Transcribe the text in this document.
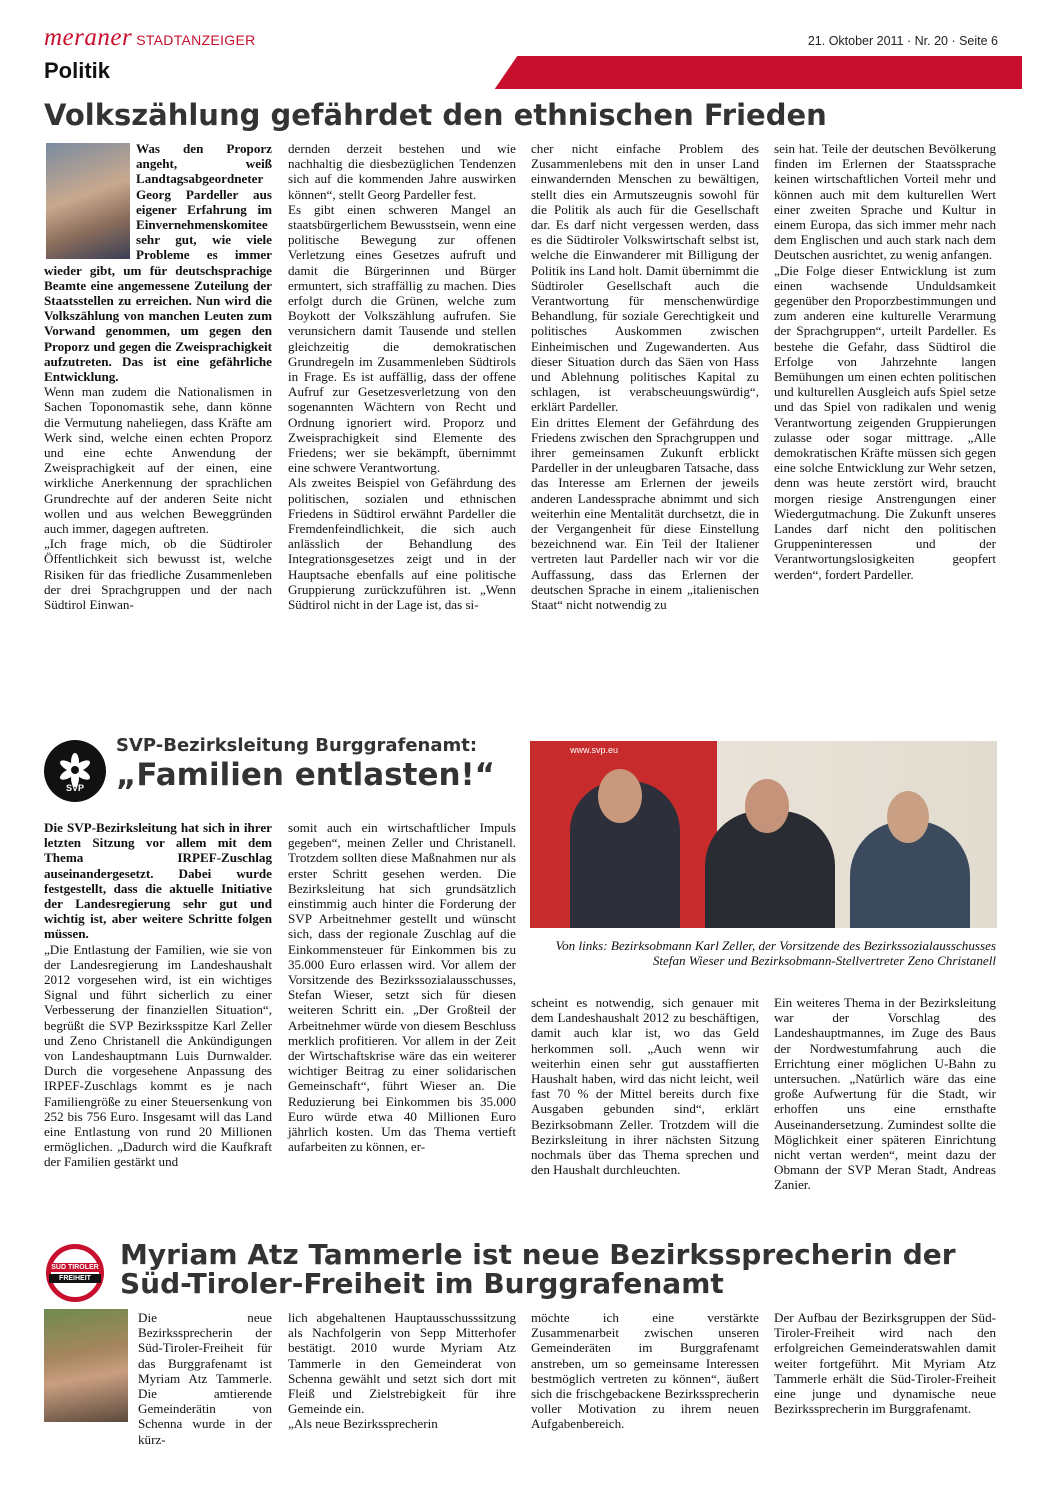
meraner STADTANZEIGER	21. Oktober 2011 · Nr. 20 · Seite 6
Politik
Volkszählung gefährdet den ethnischen Frieden

Was den Proporz angeht, weiß Landtagsabgeordneter Georg Pardeller aus eigener Erfahrung im Einvernehmenskomitee sehr gut, wie viele Probleme es immer wieder gibt, um für deutschsprachige Beamte eine angemessene Zuteilung der Staatsstellen zu erreichen. Nun wird die Volkszählung von manchen Leuten zum Vorwand genommen, um gegen den Proporz und gegen die Zweisprachigkeit aufzutreten. Das ist eine gefährliche Entwicklung.

Wenn man zudem die Nationalismen in Sachen Toponomastik sehe, dann könne die Vermutung naheliegen, dass Kräfte am Werk sind, welche einen echten Proporz und eine echte Anwendung der Zweisprachigkeit auf der einen, eine wirkliche Anerkennung der sprachlichen Grundrechte auf der anderen Seite nicht wollen und aus welchen Beweggründen auch immer, dagegen auftreten.

„Ich frage mich, ob die Südtiroler Öffentlichkeit sich bewusst ist, welche Risiken für das friedliche Zusammenleben der drei Sprachgruppen und der nach Südtirol Einwan-

dernden derzeit bestehen und wie nachhaltig die diesbezüglichen Tendenzen sich auf die kommenden Jahre auswirken können“, stellt Georg Pardeller fest.

Es gibt einen schweren Mangel an staatsbürgerlichem Bewusstsein, wenn eine politische Bewegung zur offenen Verletzung eines Gesetzes aufruft und damit die Bürgerinnen und Bürger ermuntert, sich straffällig zu machen. Dies erfolgt durch die Grünen, welche zum Boykott der Volkszählung aufrufen. Sie verunsichern damit Tausende und stellen gleichzeitig die demokratischen Grundregeln im Zusammenleben Südtirols in Frage. Es ist auffällig, dass der offene Aufruf zur Gesetzesverletzung von den sogenannten Wächtern von Recht und Ordnung ignoriert wird. Proporz und Zweisprachigkeit sind Elemente des Friedens; wer sie bekämpft, übernimmt eine schwere Verantwortung.

Als zweites Beispiel von Gefährdung des politischen, sozialen und ethnischen Friedens in Südtirol erwähnt Pardeller die Fremdenfeindlichkeit, die sich auch anlässlich der Behandlung des Integrationsgesetzes zeigt und in der Hauptsache ebenfalls auf eine politische Gruppierung zurückzuführen ist. „Wenn Südtirol nicht in der Lage ist, das si-

cher nicht einfache Problem des Zusammenlebens mit den in unser Land einwandernden Menschen zu bewältigen, stellt dies ein Armutszeugnis sowohl für die Politik als auch für die Gesellschaft dar. Es darf nicht vergessen werden, dass es die Südtiroler Volkswirtschaft selbst ist, welche die Einwanderer mit Billigung der Politik ins Land holt. Damit übernimmt die Südtiroler Gesellschaft auch die Verantwortung für menschenwürdige Behandlung, für soziale Gerechtigkeit und politisches Auskommen zwischen Einheimischen und Zugewanderten. Aus dieser Situation durch das Säen von Hass und Ablehnung politisches Kapital zu schlagen, ist verabscheuungswürdig“, erklärt Pardeller.

Ein drittes Element der Gefährdung des Friedens zwischen den Sprachgruppen und ihrer gemeinsamen Zukunft erblickt Pardeller in der unleugbaren Tatsache, dass das Interesse am Erlernen der jeweils anderen Landessprache abnimmt und sich weiterhin eine Mentalität durchsetzt, die in der Vergangenheit für diese Einstellung bezeichnend war. Ein Teil der Italiener vertreten laut Pardeller nach wir vor die Auffassung, dass das Erlernen der deutschen Sprache in einem „italienischen Staat“ nicht notwendig zu

sein hat. Teile der deutschen Bevölkerung finden im Erlernen der Staatssprache keinen wirtschaftlichen Vorteil mehr und können auch mit dem kulturellen Wert einer zweiten Sprache und Kultur in einem Europa, das sich immer mehr nach dem Englischen und auch stark nach dem Deutschen ausrichtet, zu wenig anfangen.

„Die Folge dieser Entwicklung ist zum einen wachsende Unduldsamkeit gegenüber den Proporzbestimmungen und zum anderen eine kulturelle Verarmung der Sprachgruppen“, urteilt Pardeller. Es bestehe die Gefahr, dass Südtirol die Erfolge von Jahrzehnte langen Bemühungen um einen echten politischen und kulturellen Ausgleich aufs Spiel setze und das Spiel von radikalen und wenig Verantwortung zeigenden Gruppierungen zulasse oder sogar mittrage. „Alle demokratischen Kräfte müssen sich gegen eine solche Entwicklung zur Wehr setzen, denn was heute zerstört wird, braucht morgen riesige Anstrengungen einer Wiedergutmachung. Die Zukunft unseres Landes darf nicht den politischen Gruppeninteressen und der Verantwortungslosigkeiten geopfert werden“, fordert Pardeller.

SVP
SVP-Bezirksleitung Burggrafenamt:
„Familien entlasten!“

Die SVP-Bezirksleitung hat sich in ihrer letzten Sitzung vor allem mit dem Thema IRPEF-Zuschlag auseinandergesetzt. Dabei wurde festgestellt, dass die aktuelle Initiative der Landesregierung sehr gut und wichtig ist, aber weitere Schritte folgen müssen.

„Die Entlastung der Familien, wie sie von der Landesregierung im Landeshaushalt 2012 vorgesehen wird, ist ein wichtiges Signal und führt sicherlich zu einer Verbesserung der finanziellen Situation“, begrüßt die SVP Bezirksspitze Karl Zeller und Zeno Christanell die Ankündigungen von Landeshauptmann Luis Durnwalder. Durch die vorgesehene Anpassung des IRPEF-Zuschlags kommt es je nach Familiengröße zu einer Steuersenkung von 252 bis 756 Euro. Insgesamt will das Land eine Entlastung von rund 20 Millionen ermöglichen. „Dadurch wird die Kaufkraft der Familien gestärkt und

somit auch ein wirtschaftlicher Impuls gegeben“, meinen Zeller und Christanell. Trotzdem sollten diese Maßnahmen nur als erster Schritt gesehen werden. Die Bezirksleitung hat sich grundsätzlich einstimmig auch hinter die Forderung der SVP Arbeitnehmer gestellt und wünscht sich, dass der regionale Zuschlag auf die Einkommensteuer für Einkommen bis zu 35.000 Euro erlassen wird. Vor allem der Vorsitzende des Bezirkssozialausschusses, Stefan Wieser, setzt sich für diesen weiteren Schritt ein. „Der Großteil der Arbeitnehmer würde von diesem Beschluss merklich profitieren. Vor allem in der Zeit der Wirtschaftskrise wäre das ein weiterer wichtiger Beitrag zu einer solidarischen Gemeinschaft“, führt Wieser an. Die Reduzierung bei Einkommen bis 35.000 Euro würde etwa 40 Millionen Euro jährlich kosten. Um das Thema vertieft aufarbeiten zu können, er-

www.svp.eu
Von links: Bezirksobmann Karl Zeller, der Vorsitzende des Bezirkssozialausschusses Stefan Wieser und Bezirksobmann-Stellvertreter Zeno Christanell

scheint es notwendig, sich genauer mit dem Landeshaushalt 2012 zu beschäftigen, damit auch klar ist, wo das Geld herkommen soll. „Auch wenn wir weiterhin einen sehr gut ausstaffierten Haushalt haben, wird das nicht leicht, weil fast 70 % der Mittel bereits durch fixe Ausgaben gebunden sind“, erklärt Bezirksobmann Zeller. Trotzdem will die Bezirksleitung in ihrer nächsten Sitzung nochmals über das Thema sprechen und den Haushalt durchleuchten.

Ein weiteres Thema in der Bezirksleitung war der Vorschlag des Landeshauptmannes, im Zuge des Baus der Nordwestumfahrung auch die Errichtung einer möglichen U-Bahn zu untersuchen. „Natürlich wäre das eine große Aufwertung für die Stadt, wir erhoffen uns eine ernsthafte Auseinandersetzung. Zumindest sollte die Möglichkeit einer späteren Einrichtung nicht vertan werden“, meint dazu der Obmann der SVP Meran Stadt, Andreas Zanier.

SÜD TIROLER
FREIHEIT
Myriam Atz Tammerle ist neue Bezirkssprecherin der Süd-Tiroler-Freiheit im Burggrafenamt

Die neue Bezirkssprecherin der Süd-Tiroler-Freiheit für das Burggrafenamt ist Myriam Atz Tammerle. Die amtierende Gemeinderätin von Schenna wurde in der kürz-

lich abgehaltenen Hauptausschusssitzung als Nachfolgerin von Sepp Mitterhofer bestätigt. 2010 wurde Myriam Atz Tammerle in den Gemeinderat von Schenna gewählt und setzt sich dort mit Fleiß und Zielstrebigkeit für ihre Gemeinde ein.

„Als neue Bezirkssprecherin

möchte ich eine verstärkte Zusammenarbeit zwischen unseren Gemeinderäten im Burggrafenamt anstreben, um so gemeinsame Interessen bestmöglich vertreten zu können“, äußert sich die frischgebackene Bezirkssprecherin voller Motivation zu ihrem neuen Aufgabenbereich.

Der Aufbau der Bezirksgruppen der Süd-Tiroler-Freiheit wird nach den erfolgreichen Gemeinderatswahlen damit weiter fortgeführt. Mit Myriam Atz Tammerle erhält die Süd-Tiroler-Freiheit eine junge und dynamische neue Bezirkssprecherin im Burggrafenamt.
